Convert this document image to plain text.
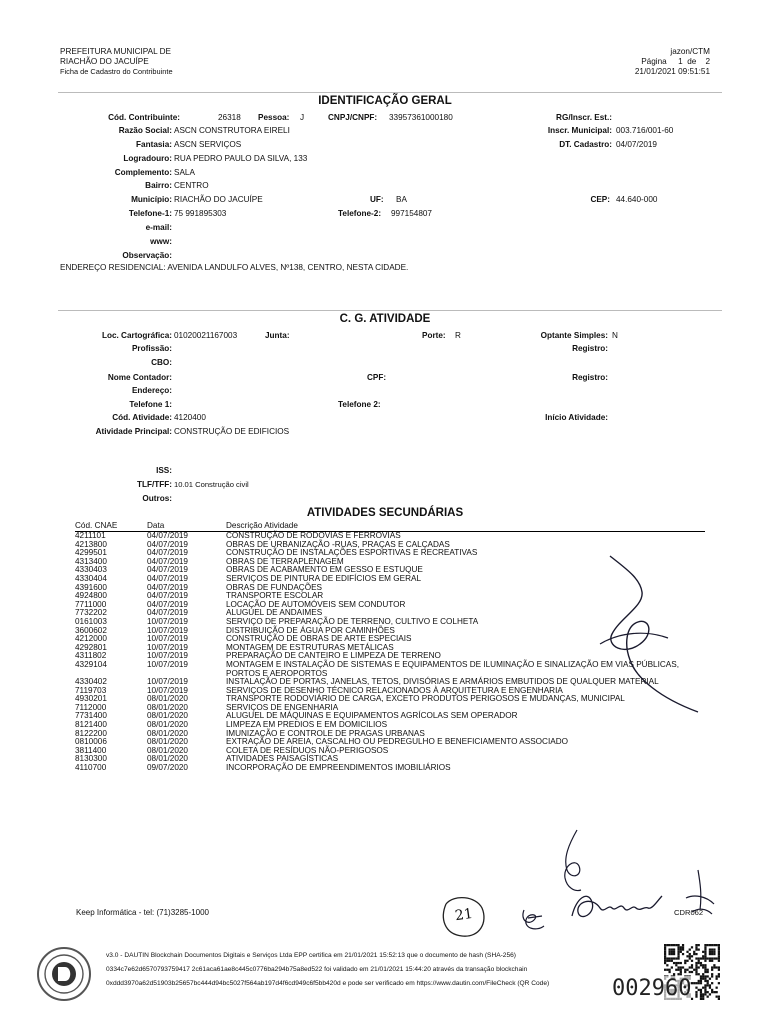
PREFEITURA MUNICIPAL DE
RIACHÃO DO JACUÍPE
Ficha de Cadastro do Contribuinte
jazon/CTM
Página 1 de 2
21/01/2021 09:51:51
IDENTIFICAÇÃO GERAL
Cód. Contribuinte:	26318 Pessoa: J	CNPJ/CNPF: 33957361000180	RG/Inscr. Est.:
Razão Social: ASCN CONSTRUTORA EIRELI	Inscr. Municipal: 003.716/001-60
Fantasia: ASCN SERVIÇOS	DT. Cadastro: 04/07/2019
Logradouro: RUA PEDRO PAULO DA SILVA, 133
Complemento: SALA
Bairro: CENTRO
Município: RIACHÃO DO JACUÍPE	UF: BA	CEP: 44.640-000
Telefone-1: 75 991895303	Telefone-2: 997154807
e-mail:
www:
Observação:
ENDEREÇO RESIDENCIAL: AVENIDA LANDULFO ALVES, Nº138, CENTRO, NESTA CIDADE.
C. G. ATIVIDADE
Loc. Cartográfica: 01020021167003	Junta:	Porte: R	Optante Simples: N
Profissão:	Registro:
CBO:
Nome Contador:	CPF:	Registro:
Endereço:
Telefone 1:	Telefone 2:
Cód. Atividade: 4120400	Início Atividade:
Atividade Principal: CONSTRUÇÃO DE EDIFICIOS
ISS:
TLF/TFF: 10.01 Construção civil
Outros:
ATIVIDADES SECUNDÁRIAS
Cód. CNAE	Data	Descrição Atividade
4211101	04/07/2019	CONSTRUÇÃO DE RODOVIAS E FERROVIAS
4213800	04/07/2019	OBRAS DE URBANIZAÇÃO -RUAS, PRAÇAS E CALÇADAS
4299501	04/07/2019	CONSTRUÇÃO DE INSTALAÇÕES ESPORTIVAS E RECREATIVAS
4313400	04/07/2019	OBRAS DE TERRAPLENAGEM
4330403	04/07/2019	OBRAS DE ACABAMENTO EM GESSO E ESTUQUE
4330404	04/07/2019	SERVIÇOS DE PINTURA DE EDIFÍCIOS EM GERAL
4391600	04/07/2019	OBRAS DE FUNDAÇÕES
4924800	04/07/2019	TRANSPORTE ESCOLAR
7711000	04/07/2019	LOCAÇÃO DE AUTOMÓVEIS SEM CONDUTOR
7732202	04/07/2019	ALUGUEL DE ANDAIMES
0161003	10/07/2019	SERVIÇO DE PREPARAÇÃO DE TERRENO, CULTIVO E COLHETA
3600602	10/07/2019	DISTRIBUIÇÃO DE ÁGUA POR CAMINHÕES
4212000	10/07/2019	CONSTRUÇÃO DE OBRAS DE ARTE ESPECIAIS
4292801	10/07/2019	MONTAGEM DE ESTRUTURAS METÁLICAS
4311802	10/07/2019	PREPARAÇÃO DE CANTEIRO E LIMPEZA DE TERRENO
4329104	10/07/2019	MONTAGEM E INSTALAÇÃO DE SISTEMAS E EQUIPAMENTOS DE ILUMINAÇÃO E SINALIZAÇÃO EM VIAS PÚBLICAS, PORTOS E AEROPORTOS
4330402	10/07/2019	INSTALAÇÃO DE PORTAS, JANELAS, TETOS, DIVISÓRIAS E ARMÁRIOS EMBUTIDOS DE QUALQUER MATERIAL
7119703	10/07/2019	SERVIÇOS DE DESENHO TÉCNICO RELACIONADOS À ARQUITETURA E ENGENHARIA
4930201	08/01/2020	TRANSPORTE RODOVIÁRIO DE CARGA, EXCETO PRODUTOS PERIGOSOS E MUDANÇAS, MUNICIPAL
7112000	08/01/2020	SERVIÇOS DE ENGENHARIA
7731400	08/01/2020	ALUGUEL DE MÁQUINAS E EQUIPAMENTOS AGRÍCOLAS SEM OPERADOR
8121400	08/01/2020	LIMPEZA EM PREDIOS E EM DOMICILIOS
8122200	08/01/2020	IMUNIZAÇÃO E CONTROLE DE PRAGAS URBANAS
0810006	08/01/2020	EXTRAÇÃO DE AREIA, CASCALHO OU PEDREGULHO E BENEFICIAMENTO ASSOCIADO
3811400	08/01/2020	COLETA DE RESÍDUOS NÃO-PERIGOSOS
8130300	08/01/2020	ATIVIDADES PAISAGÍSTICAS
4110700	09/07/2020	INCORPORAÇÃO DE EMPREENDIMENTOS IMOBILIÁRIOS
21
Keep Informática - tel: (71)3285-1000	CDR062
v3.0 - DAUTIN Blockchain Documentos Digitais e Serviços Ltda EPP certifica em 21/01/2021 15:52:13 que o documento de hash (SHA-256)
0334c7e62d6570793759417 2c61aca61ae8c445c0776ba294b75a8ed522 foi validado em 21/01/2021 15:44:20 através da transação blockchain
0xddd3970a62d51903b25657bc444d94bc5027f564ab197d4f6cd949c6f5bb420d e pode ser verificado em https://www.dautin.com/FileCheck (QR Code)	002960
